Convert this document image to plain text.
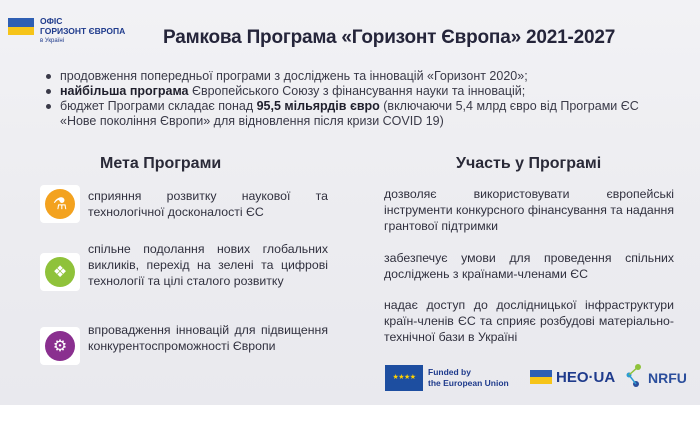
ОФІС
ГОРИЗОНТ ЄВРОПА
в Україні	Рамкова Програма «Горизонт Європа» 2021-2027
продовження попередньої програми з досліджень та інновацій «Горизонт 2020»;
найбільша програма Європейського Союзу з фінансування науки та інновацій;
бюджет Програми складає понад 95,5 мільярдів євро (включаючи 5,4 млрд євро від Програми ЄС «Нове покоління Європи» для відновлення після кризи COVID 19)
Мета Програми	Участь у Програмі
⚗	сприяння розвитку наукової та технологічної досконалості ЄС
❖
спільне подолання нових глобальних викликів, перехід на зелені та цифрові технології та цілі сталого розвитку
⚙
впровадження інновацій для підвищення конкурентоспроможності Європи
дозволяє використовувати європейські інструменти конкурсного фінансування та надання грантової підтримки
забезпечує умови для проведення спільних досліджень з країнами-членами ЄС
надає доступ до дослідницької інфраструктури країн-членів ЄС та сприяє розбудові матеріально-технічної бази в Україні
★★★★
Funded by
the European Union	HEO·UA NRFU
